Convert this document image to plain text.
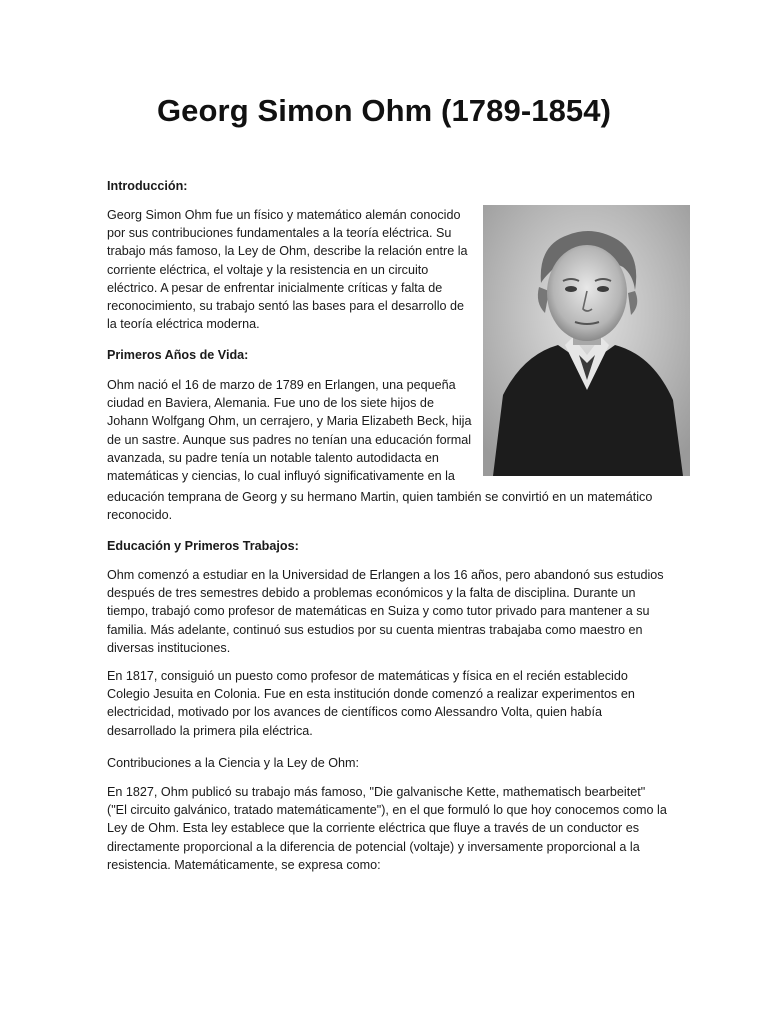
Georg Simon Ohm (1789-1854)

Introducción:

Georg Simon Ohm fue un físico y matemático alemán conocido por sus contribuciones fundamentales a la teoría eléctrica. Su trabajo más famoso, la Ley de Ohm, describe la relación entre la corriente eléctrica, el voltaje y la resistencia en un circuito eléctrico. A pesar de enfrentar inicialmente críticas y falta de reconocimiento, su trabajo sentó las bases para el desarrollo de la teoría eléctrica moderna.

Primeros Años de Vida:

Ohm nació el 16 de marzo de 1789 en Erlangen, una pequeña ciudad en Baviera, Alemania. Fue uno de los siete hijos de Johann Wolfgang Ohm, un cerrajero, y Maria Elizabeth Beck, hija de un sastre. Aunque sus padres no tenían una educación formal avanzada, su padre tenía un notable talento autodidacta en matemáticas y ciencias, lo cual influyó significativamente en la

educación temprana de Georg y su hermano Martin, quien también se convirtió en un matemático reconocido.

Educación y Primeros Trabajos:

Ohm comenzó a estudiar en la Universidad de Erlangen a los 16 años, pero abandonó sus estudios después de tres semestres debido a problemas económicos y la falta de disciplina. Durante un tiempo, trabajó como profesor de matemáticas en Suiza y como tutor privado para mantener a su familia. Más adelante, continuó sus estudios por su cuenta mientras trabajaba como maestro en diversas instituciones.

En 1817, consiguió un puesto como profesor de matemáticas y física en el recién establecido Colegio Jesuita en Colonia. Fue en esta institución donde comenzó a realizar experimentos en electricidad, motivado por los avances de científicos como Alessandro Volta, quien había desarrollado la primera pila eléctrica.

Contribuciones a la Ciencia y la Ley de Ohm:

En 1827, Ohm publicó su trabajo más famoso, "Die galvanische Kette, mathematisch bearbeitet" ("El circuito galvánico, tratado matemáticamente"), en el que formuló lo que hoy conocemos como la Ley de Ohm. Esta ley establece que la corriente eléctrica que fluye a través de un conductor es directamente proporcional a la diferencia de potencial (voltaje) y inversamente proporcional a la resistencia. Matemáticamente, se expresa como:
